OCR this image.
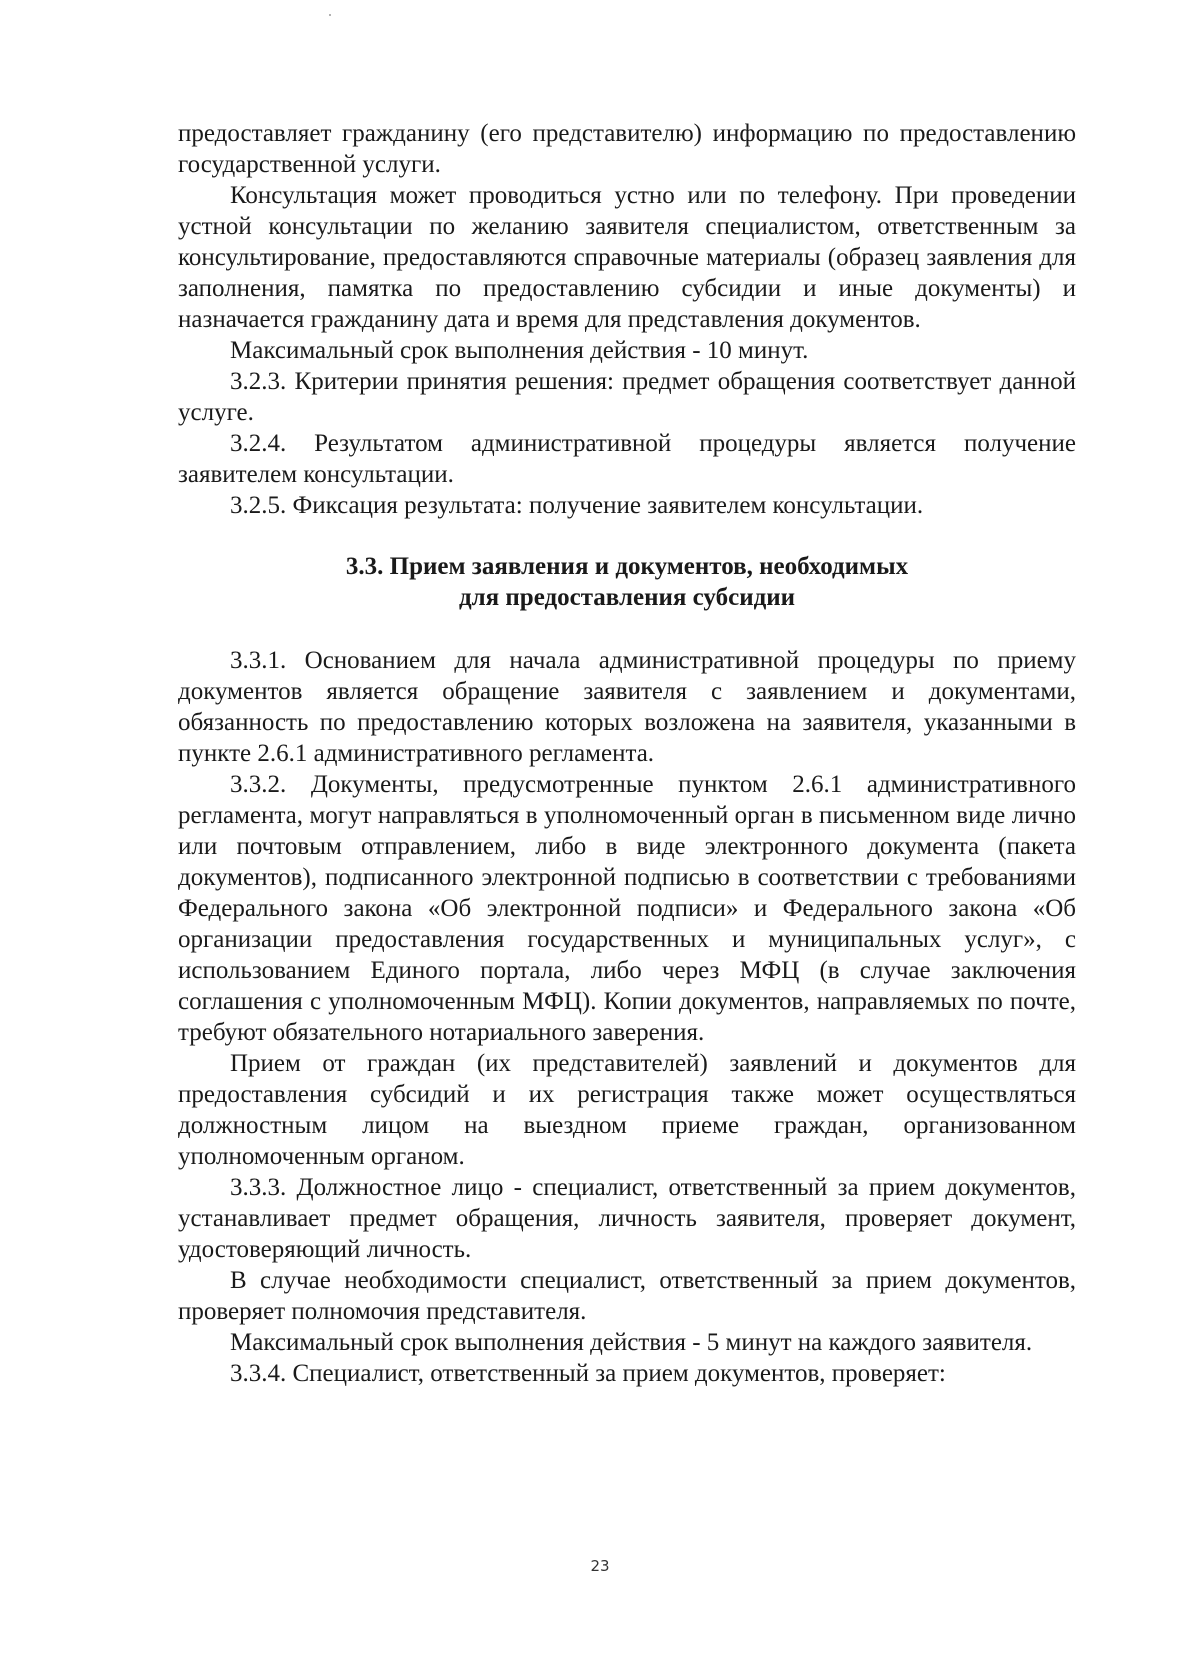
предоставляет гражданину (его представителю) информацию по предоставлению государственной услуги.

Консультация может проводиться устно или по телефону. При проведении устной консультации по желанию заявителя специалистом, ответственным за консультирование, предоставляются справочные материалы (образец заявления для заполнения, памятка по предоставлению субсидии и иные документы) и назначается гражданину дата и время для представления документов.

Максимальный срок выполнения действия - 10 минут.

3.2.3. Критерии принятия решения: предмет обращения соответствует данной услуге.

3.2.4. Результатом административной процедуры является получение заявителем консультации.

3.2.5. Фиксация результата: получение заявителем консультации.

3.3. Прием заявления и документов, необходимых
для предоставления субсидии

3.3.1. Основанием для начала административной процедуры по приему документов является обращение заявителя с заявлением и документами, обязанность по предоставлению которых возложена на заявителя, указанными в пункте 2.6.1 административного регламента.

3.3.2. Документы, предусмотренные пунктом 2.6.1 административного регламента, могут направляться в уполномоченный орган в письменном виде лично или почтовым отправлением, либо в виде электронного документа (пакета документов), подписанного электронной подписью в соответствии с требованиями Федерального закона «Об электронной подписи» и Федерального закона «Об организации предоставления государственных и муниципальных услуг», с использованием Единого портала, либо через МФЦ (в случае заключения соглашения с уполномоченным МФЦ). Копии документов, направляемых по почте, требуют обязательного нотариального заверения.

Прием от граждан (их представителей) заявлений и документов для предоставления субсидий и их регистрация также может осуществляться должностным лицом на выездном приеме граждан, организованном уполномоченным органом.

3.3.3. Должностное лицо - специалист, ответственный за прием документов, устанавливает предмет обращения, личность заявителя, проверяет документ, удостоверяющий личность.

В случае необходимости специалист, ответственный за прием документов, проверяет полномочия представителя.

Максимальный срок выполнения действия - 5 минут на каждого заявителя.

3.3.4. Специалист, ответственный за прием документов, проверяет:

23
